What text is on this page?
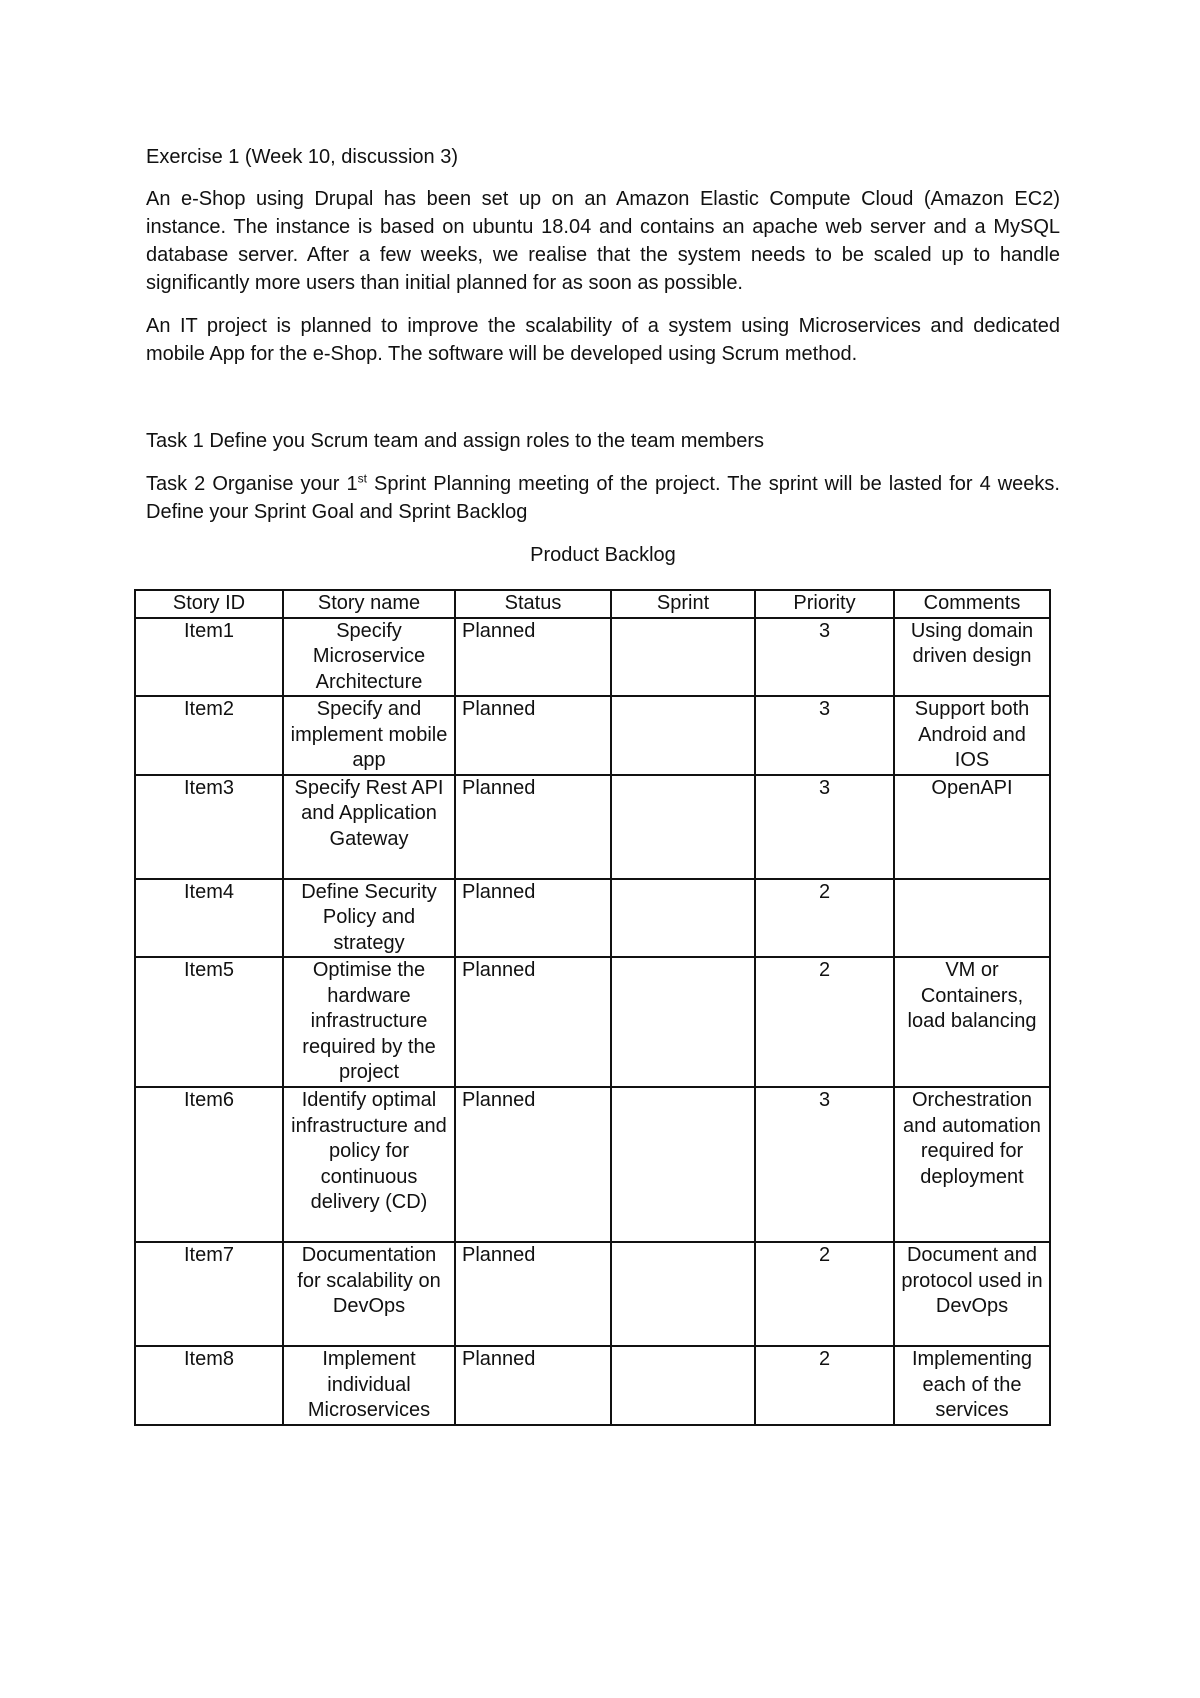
Exercise 1 (Week 10, discussion 3)

An e-Shop using Drupal has been set up on an Amazon Elastic Compute Cloud (Amazon EC2) instance. The instance is based on ubuntu 18.04 and contains an apache web server and a MySQL database server. After a few weeks, we realise that the system needs to be scaled up to handle significantly more users than initial planned for as soon as possible.

An IT project is planned to improve the scalability of a system using Microservices and dedicated mobile App for the e-Shop. The software will be developed using Scrum method.

Task 1 Define you Scrum team and assign roles to the team members

Task 2 Organise your 1st Sprint Planning meeting of the project. The sprint will be lasted for 4 weeks. Define your Sprint Goal and Sprint Backlog

Product Backlog

Story ID	Story name	Status	Sprint	Priority	Comments
Item1	Specify Microservice Architecture	Planned		3	Using domain driven design
Item2	Specify and implement mobile app	Planned		3	Support both Android and IOS
Item3	Specify Rest API and Application Gateway	Planned		3	OpenAPI
Item4	Define Security Policy and strategy	Planned		2	
Item5	Optimise the hardware infrastructure required by the project	Planned		2	VM or Containers, load balancing
Item6	Identify optimal infrastructure and policy for continuous delivery (CD)	Planned		3	Orchestration and automation required for deployment
Item7	Documentation for scalability on DevOps	Planned		2	Document and protocol used in DevOps
Item8	Implement individual Microservices	Planned		2	Implementing each of the services
